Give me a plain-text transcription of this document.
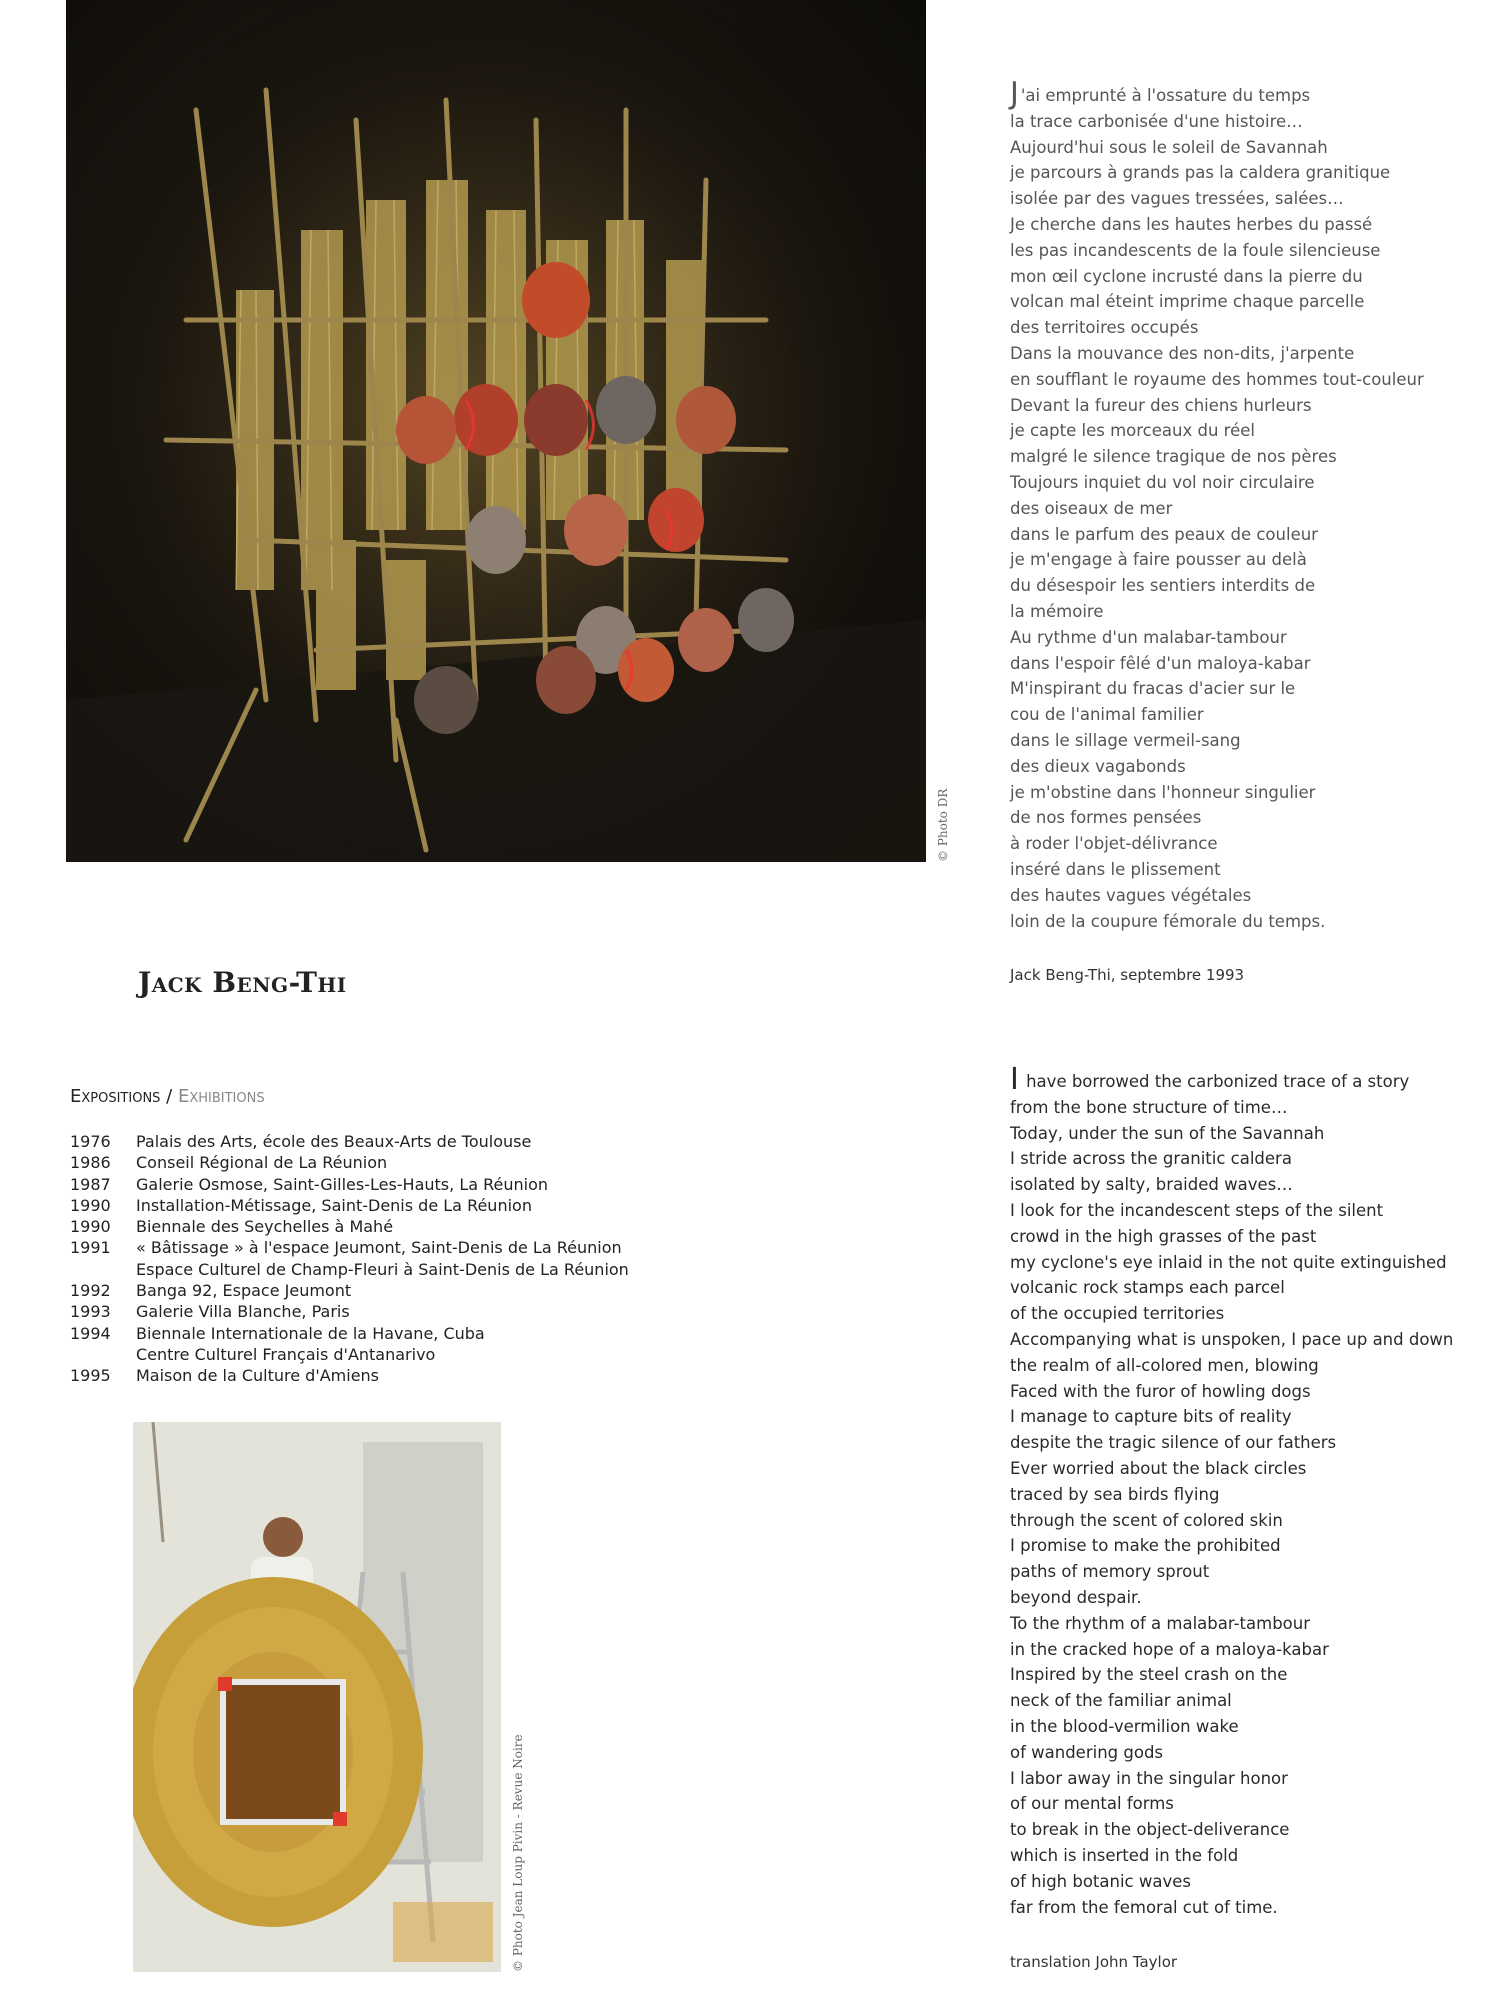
© Photo DR
Jack Beng-Thi
Expositions / Exhibitions
1976	Palais des Arts, école des Beaux-Arts de Toulouse
1986	Conseil Régional de La Réunion
1987	Galerie Osmose, Saint-Gilles-Les-Hauts, La Réunion
1990	Installation-Métissage, Saint-Denis de La Réunion
1990	Biennale des Seychelles à Mahé
1991	« Bâtissage » à l'espace Jeumont, Saint-Denis de La Réunion
Espace Culturel de Champ-Fleuri à Saint-Denis de La Réunion
1992	Banga 92, Espace Jeumont
1993	Galerie Villa Blanche, Paris
1994	Biennale Internationale de la Havane, Cuba
Centre Culturel Français d'Antanarivo
1995	Maison de la Culture d'Amiens
© Photo Jean Loup Pivin - Revue Noire
J 'ai emprunté à l'ossature du temps
la trace carbonisée d'une histoire…
Aujourd'hui sous le soleil de Savannah
je parcours à grands pas la caldera granitique
isolée par des vagues tressées, salées…
Je cherche dans les hautes herbes du passé
les pas incandescents de la foule silencieuse
mon œil cyclone incrusté dans la pierre du
volcan mal éteint imprime chaque parcelle
des territoires occupés
Dans la mouvance des non-dits, j'arpente
en soufflant le royaume des hommes tout-couleur
Devant la fureur des chiens hurleurs
je capte les morceaux du réel
malgré le silence tragique de nos pères
Toujours inquiet du vol noir circulaire
des oiseaux de mer
dans le parfum des peaux de couleur
je m'engage à faire pousser au delà
du désespoir les sentiers interdits de
la mémoire
Au rythme d'un malabar-tambour
dans l'espoir fêlé d'un maloya-kabar
M'inspirant du fracas d'acier sur le
cou de l'animal familier
dans le sillage vermeil-sang
des dieux vagabonds
je m'obstine dans l'honneur singulier
de nos formes pensées
à roder l'objet-délivrance
inséré dans le plissement
des hautes vagues végétales
loin de la coupure fémorale du temps.
Jack Beng-Thi, septembre 1993
I have borrowed the carbonized trace of a story
from the bone structure of time…
Today, under the sun of the Savannah
I stride across the granitic caldera
isolated by salty, braided waves…
I look for the incandescent steps of the silent
crowd in the high grasses of the past
my cyclone's eye inlaid in the not quite extinguished
volcanic rock stamps each parcel
of the occupied territories
Accompanying what is unspoken, I pace up and down
the realm of all-colored men, blowing
Faced with the furor of howling dogs
I manage to capture bits of reality
despite the tragic silence of our fathers
Ever worried about the black circles
traced by sea birds flying
through the scent of colored skin
I promise to make the prohibited
paths of memory sprout
beyond despair.
To the rhythm of a malabar-tambour
in the cracked hope of a maloya-kabar
Inspired by the steel crash on the
neck of the familiar animal
in the blood-vermilion wake
of wandering gods
I labor away in the singular honor
of our mental forms
to break in the object-deliverance
which is inserted in the fold
of high botanic waves
far from the femoral cut of time.
translation John Taylor
